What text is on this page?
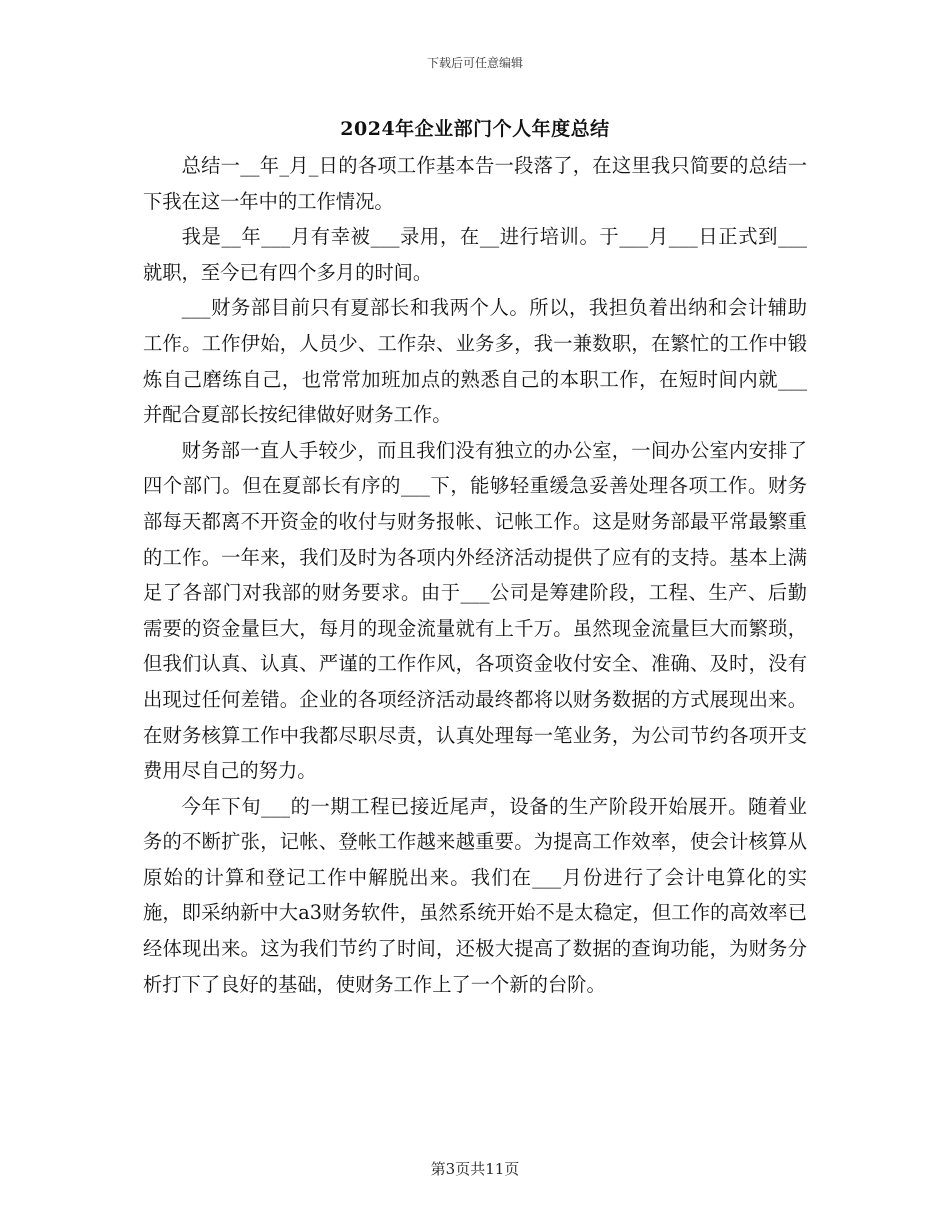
下载后可任意编辑
2024年企业部门个人年度总结

总结一__年_月_日的各项工作基本告一段落了，在这里我只简要的总结一下我在这一年中的工作情况。

我是__年___月有幸被___录用，在__进行培训。于___月___日正式到___就职，至今已有四个多月的时间。

___财务部目前只有夏部长和我两个人。所以，我担负着出纳和会计辅助工作。工作伊始，人员少、工作杂、业务多，我一兼数职，在繁忙的工作中锻炼自己磨练自己，也常常加班加点的熟悉自己的本职工作，在短时间内就___并配合夏部长按纪律做好财务工作。

财务部一直人手较少，而且我们没有独立的办公室，一间办公室内安排了四个部门。但在夏部长有序的___下，能够轻重缓急妥善处理各项工作。财务部每天都离不开资金的收付与财务报帐、记帐工作。这是财务部最平常最繁重的工作。一年来，我们及时为各项内外经济活动提供了应有的支持。基本上满足了各部门对我部的财务要求。由于___公司是筹建阶段，工程、生产、后勤需要的资金量巨大，每月的现金流量就有上千万。虽然现金流量巨大而繁琐，但我们认真、认真、严谨的工作作风，各项资金收付安全、准确、及时，没有出现过任何差错。企业的各项经济活动最终都将以财务数据的方式展现出来。在财务核算工作中我都尽职尽责，认真处理每一笔业务，为公司节约各项开支费用尽自己的努力。

今年下旬___的一期工程已接近尾声，设备的生产阶段开始展开。随着业务的不断扩张，记帐、登帐工作越来越重要。为提高工作效率，使会计核算从原始的计算和登记工作中解脱出来。我们在___月份进行了会计电算化的实施，即采纳新中大a3财务软件，虽然系统开始不是太稳定，但工作的高效率已经体现出来。这为我们节约了时间，还极大提高了数据的查询功能，为财务分析打下了良好的基础，使财务工作上了一个新的台阶。

第3页共11页
